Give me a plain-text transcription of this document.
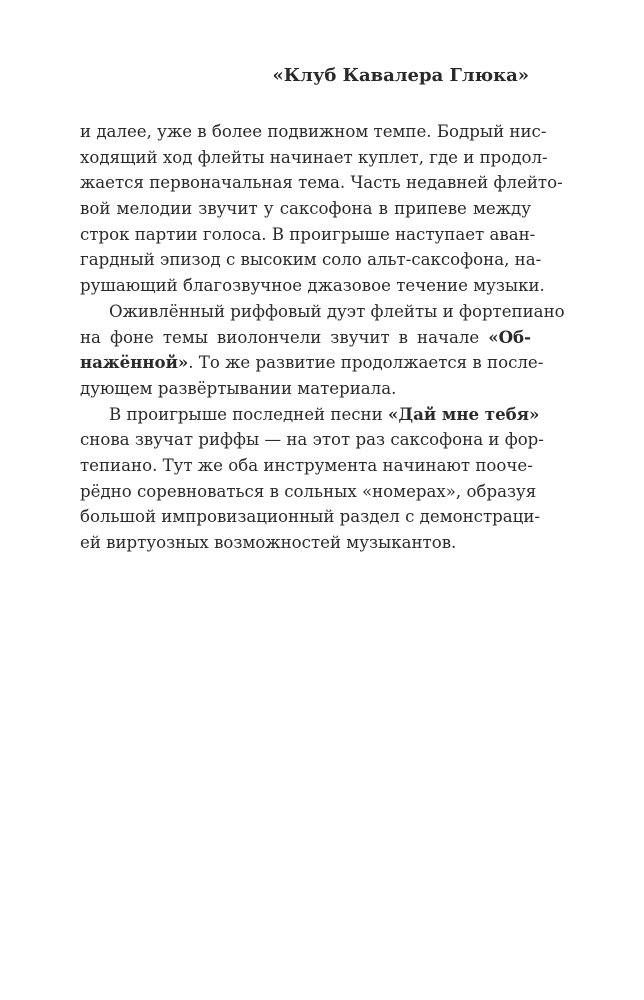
«Клуб Кавалера Глюка»
и далее, уже в более подвижном темпе. Бодрый нис-
ходящий ход флейты начинает куплет, где и продол-
жается первоначальная тема. Часть недавней флейто-
вой мелодии звучит у саксофона в припеве между
строк партии голоса. В проигрыше наступает аван-
гардный эпизод с высоким соло альт-саксофона, на-
рушающий благозвучное джазовое течение музыки.
Оживлённый риффовый дуэт флейты и фортепиано
на фоне темы виолончели звучит в начале «Об-
нажённой». То же развитие продолжается в после-
дующем развёртывании материала.
В проигрыше последней песни «Дай мне тебя»
снова звучат риффы — на этот раз саксофона и фор-
тепиано. Тут же оба инструмента начинают пооче-
рёдно соревноваться в сольных «номерах», образуя
большой импровизационный раздел с демонстраци-
ей виртуозных возможностей музыкантов.
